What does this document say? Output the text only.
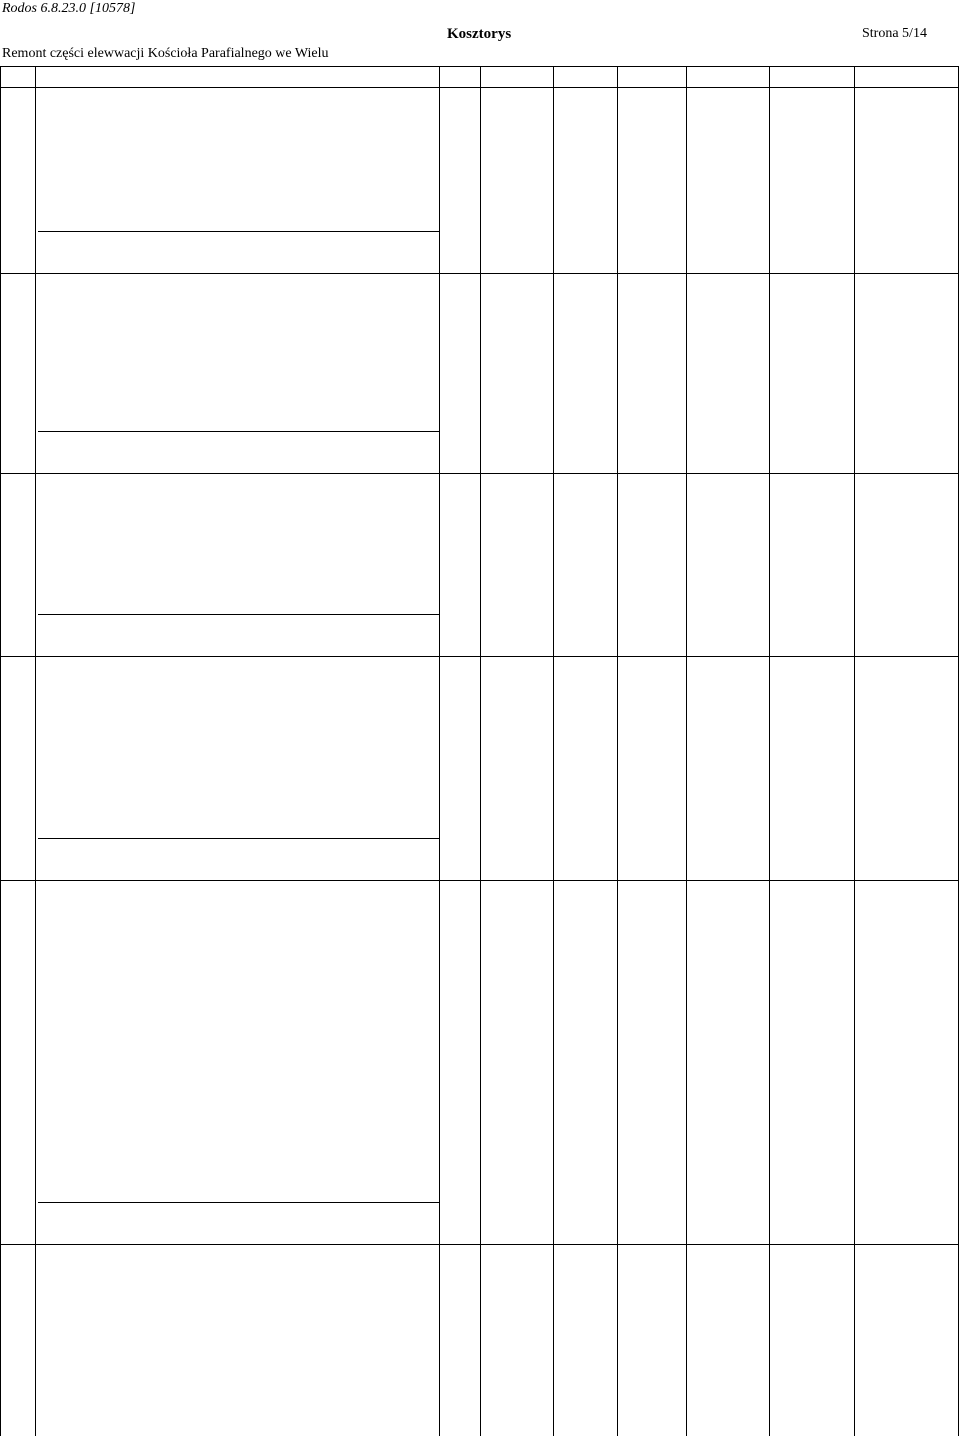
Rodos 6.8.23.0 [10578]
Kosztorys	Strona 5/14
Remont części elewwacji Kościoła Parafialnego we Wielu
